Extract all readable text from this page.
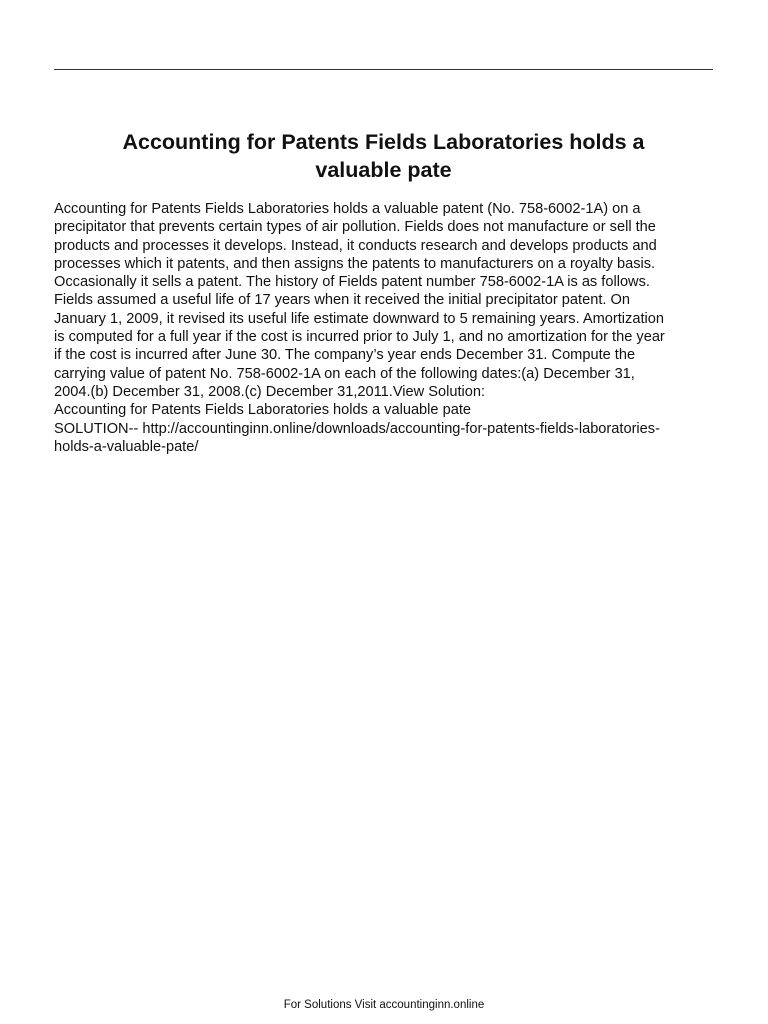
Accounting for Patents Fields Laboratories holds a
valuable pate
Accounting for Patents Fields Laboratories holds a valuable patent (No. 758-6002-1A) on a
precipitator that prevents certain types of air pollution. Fields does not manufacture or sell the
products and processes it develops. Instead, it conducts research and develops products and
processes which it patents, and then assigns the patents to manufacturers on a royalty basis.
Occasionally it sells a patent. The history of Fields patent number 758-6002-1A is as follows.
Fields assumed a useful life of 17 years when it received the initial precipitator patent. On
January 1, 2009, it revised its useful life estimate downward to 5 remaining years. Amortization
is computed for a full year if the cost is incurred prior to July 1, and no amortization for the year
if the cost is incurred after June 30. The company’s year ends December 31. Compute the
carrying value of patent No. 758-6002-1A on each of the following dates:(a) December 31,
2004.(b) December 31, 2008.(c) December 31,2011.View Solution:
Accounting for Patents Fields Laboratories holds a valuable pate
SOLUTION-- http://accountinginn.online/downloads/accounting-for-patents-fields-laboratories-
holds-a-valuable-pate/
For Solutions Visit accountinginn.online
